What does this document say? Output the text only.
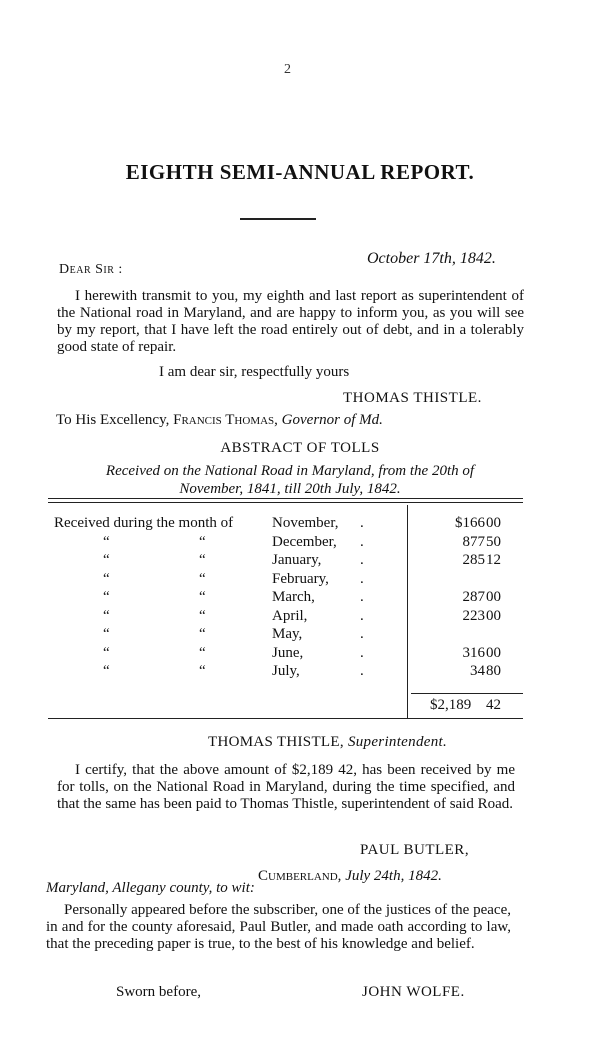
2
EIGHTH SEMI-ANNUAL REPORT.
October 17th, 1842.
Dear Sir :
I herewith transmit to you, my eighth and last report as superintendent of the National road in Maryland, and are happy to inform you, as you will see by my report, that I have left the road entirely out of debt, and in a tolerably good state of repair.
I am dear sir, respectfully yours
THOMAS THISTLE.
To His Excellency, Francis Thomas, Governor of Md.
ABSTRACT OF TOLLS
Received on the National Road in Maryland, from the 20th of
November, 1841, till 20th July, 1842.
Received during the month of	November, .	$166 00
“	“	December, .	877 50
“	“	January,	.	285 12
“	“	February, .
“	“	March,	.	287 00
“	“	April,	.	223 00
“	“	May,	.
“	“	June,	.	316 00
“	“	July,	.	34 80
$2,189 42
THOMAS THISTLE, Superintendent.
I certify, that the above amount of $2,189 42, has been received by me for tolls, on the National Road in Maryland, during the time specified, and that the same has been paid to Thomas Thistle, superintendent of said Road.
PAUL BUTLER,
Cumberland, July 24th, 1842.
Maryland, Allegany county, to wit:
Personally appeared before the subscriber, one of the justices of the peace, in and for the county aforesaid, Paul Butler, and made oath according to law, that the preceding paper is true, to the best of his knowledge and belief.
Sworn before,	JOHN WOLFE.
